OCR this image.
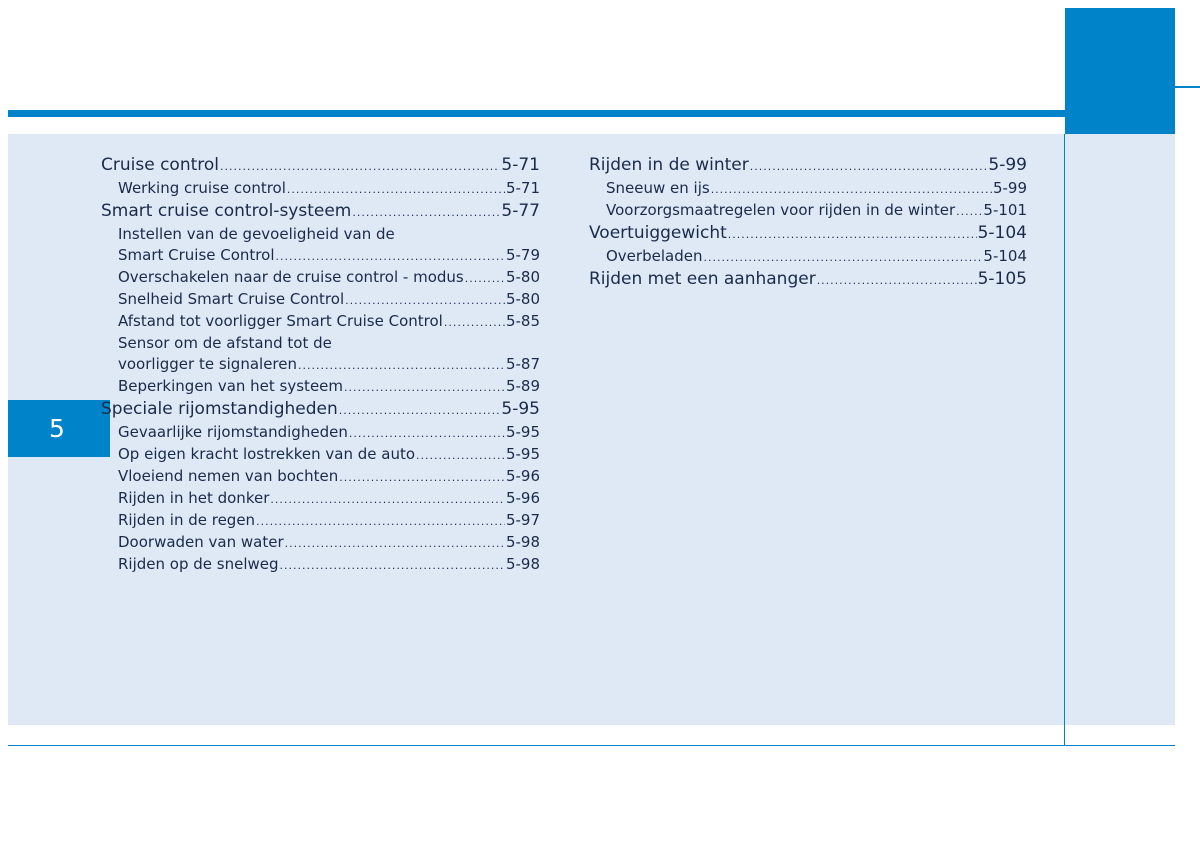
5
Cruise control .....	5-71
Werking cruise control .....	5-71
Smart cruise control-systeem .....	5-77
Instellen van de gevoeligheid van de
Smart Cruise Control .....	5-79
Overschakelen naar de cruise control - modus .....	5-80
Snelheid Smart Cruise Control .....	5-80
Afstand tot voorligger Smart Cruise Control .....	5-85
Sensor om de afstand tot de
voorligger te signaleren .....	5-87
Beperkingen van het systeem .....	5-89
Speciale rijomstandigheden .....	5-95
Gevaarlijke rijomstandigheden .....	5-95
Op eigen kracht lostrekken van de auto .....	5-95
Vloeiend nemen van bochten .....	5-96
Rijden in het donker .....	5-96
Rijden in de regen .....	5-97
Doorwaden van water .....	5-98
Rijden op de snelweg .....	5-98
Rijden in de winter .....	5-99
Sneeuw en ijs .....	5-99
Voorzorgsmaatregelen voor rijden in de winter ..... 5-101
Voertuiggewicht .....	5-104
Overbeladen .....	5-104
Rijden met een aanhanger .....	5-105
